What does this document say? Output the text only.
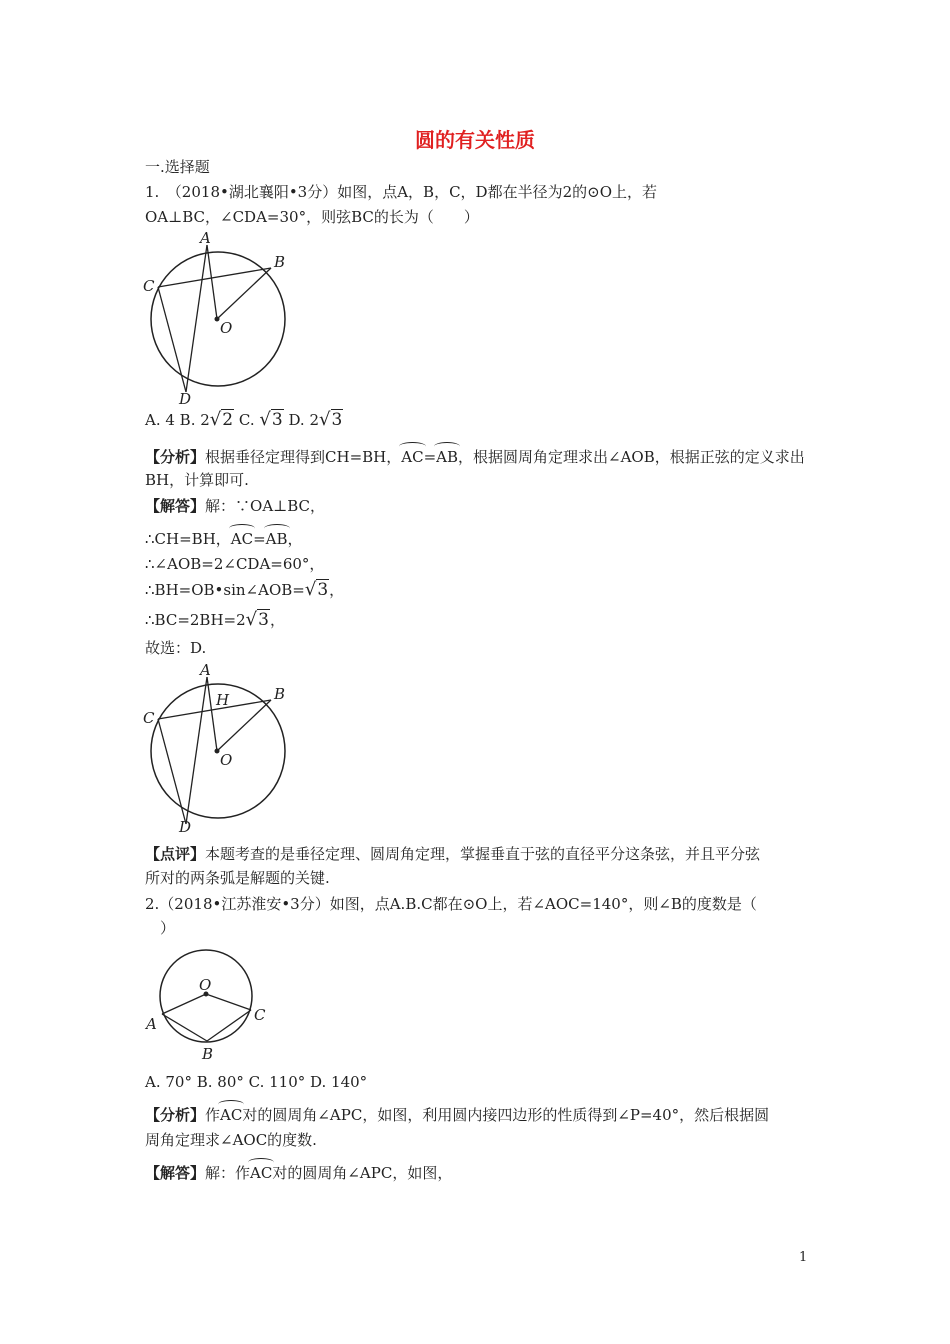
圆的有关性质
一.选择题
1.　（2018•湖北襄阳•3分）如图，点A，B，C，D都在半径为2的⊙O上，若
OA⊥BC，∠CDA=30°，则弦BC的长为（　　）
A
B
C
D
O
A. 4 B. 2 √ 2 C. √ 3 D. 2 √ 3
【分析】根据垂径定理得到CH=BH，AC=AB，根据圆周角定理求出∠AOB，根据正弦的定义求出
BH，计算即可.
【解答】解：∵OA⊥BC，
∴CH=BH，AC=AB，
∴∠AOB=2∠CDA=60°，
∴BH=OB•sin∠AOB= √ 3，
∴BC=2BH=2 √ 3，
故选：D.
A
B
C
D
O
H
【点评】本题考查的是垂径定理、圆周角定理，掌握垂直于弦的直径平分这条弦，并且平分弦
所对的两条弧是解题的关键.
2.（2018•江苏淮安•3分）如图，点A.B.C都在⊙O上，若∠AOC=140°，则∠B的度数是（
）
O
A	C
B
A. 70° B. 80° C. 110° D. 140°
【分析】作AC对的圆周角∠APC，如图，利用圆内接四边形的性质得到∠P=40°，然后根据圆
周角定理求∠AOC的度数.
【解答】解：作AC对的圆周角∠APC，如图，
1
